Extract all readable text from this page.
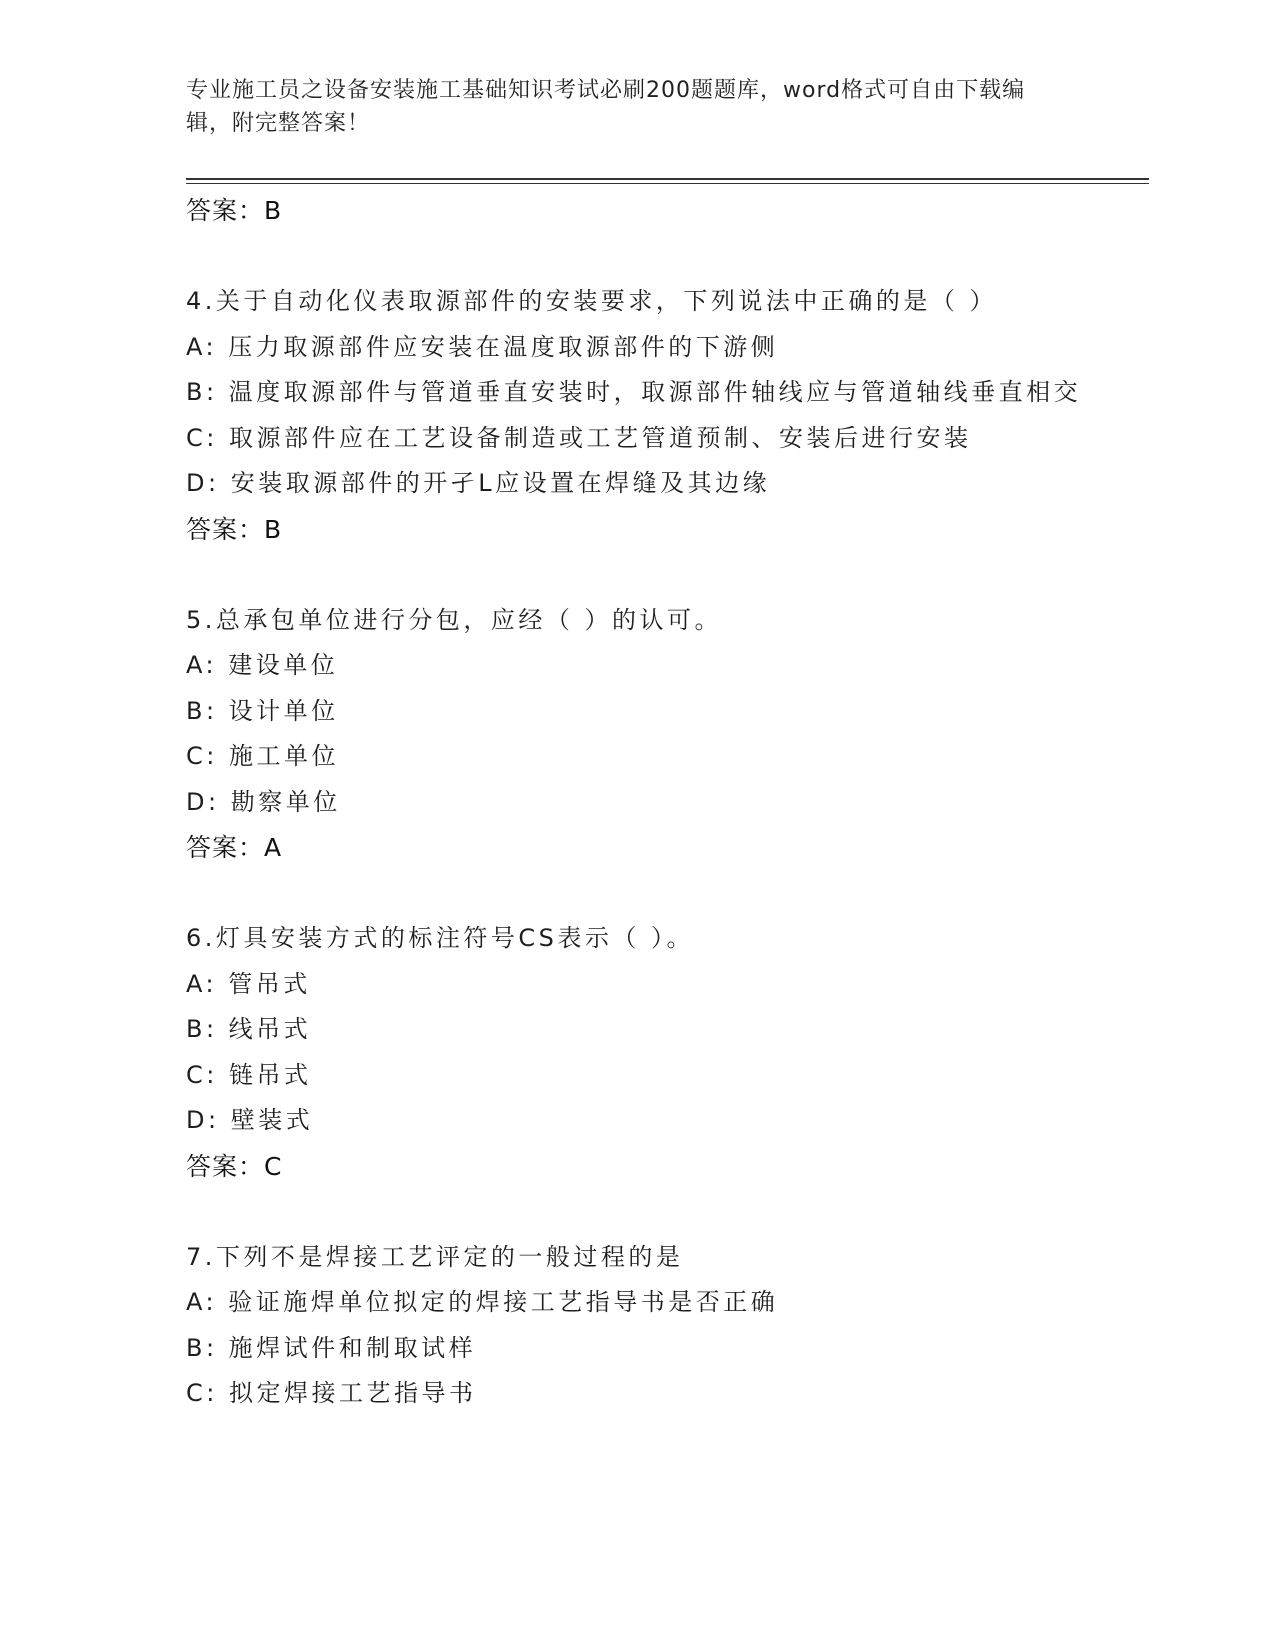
专业施工员之设备安装施工基础知识考试必刷200题题库，word格式可自由下载编辑，附完整答案！
答案：B
4.关于自动化仪表取源部件的安装要求，下列说法中正确的是（ ）
A: 压力取源部件应安装在温度取源部件的下游侧
B: 温度取源部件与管道垂直安装时，取源部件轴线应与管道轴线垂直相交
C: 取源部件应在工艺设备制造或工艺管道预制、安装后进行安装
D: 安装取源部件的开孑L应设置在焊缝及其边缘
答案：B
5.总承包单位进行分包，应经（ ）的认可。
A: 建设单位
B: 设计单位
C: 施工单位
D: 勘察单位
答案：A
6.灯具安装方式的标注符号CS表示（ ）。
A: 管吊式
B: 线吊式
C: 链吊式
D: 壁装式
答案：C
7.下列不是焊接工艺评定的一般过程的是
A: 验证施焊单位拟定的焊接工艺指导书是否正确
B: 施焊试件和制取试样
C: 拟定焊接工艺指导书
